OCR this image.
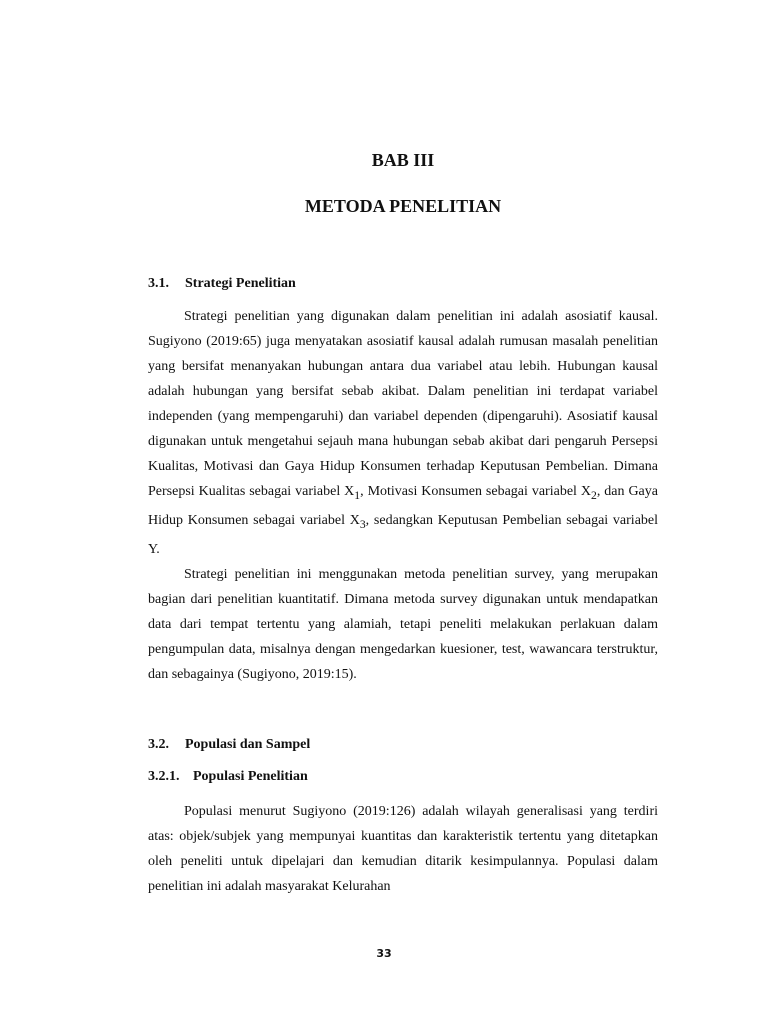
BAB III
METODA PENELITIAN
3.1. Strategi Penelitian

Strategi penelitian yang digunakan dalam penelitian ini adalah asosiatif kausal. Sugiyono (2019:65) juga menyatakan asosiatif kausal adalah rumusan masalah penelitian yang bersifat menanyakan hubungan antara dua variabel atau lebih. Hubungan kausal adalah hubungan yang bersifat sebab akibat. Dalam penelitian ini terdapat variabel independen (yang mempengaruhi) dan variabel dependen (dipengaruhi). Asosiatif kausal digunakan untuk mengetahui sejauh mana hubungan sebab akibat dari pengaruh Persepsi Kualitas, Motivasi dan Gaya Hidup Konsumen terhadap Keputusan Pembelian. Dimana Persepsi Kualitas sebagai variabel $X_1$, Motivasi Konsumen sebagai variabel $X_2$, dan Gaya Hidup Konsumen sebagai variabel $X_3$, sedangkan Keputusan Pembelian sebagai variabel Y.

Strategi penelitian ini menggunakan metoda penelitian survey, yang merupakan bagian dari penelitian kuantitatif. Dimana metoda survey digunakan untuk mendapatkan data dari tempat tertentu yang alamiah, tetapi peneliti melakukan perlakuan dalam pengumpulan data, misalnya dengan mengedarkan kuesioner, test, wawancara terstruktur, dan sebagainya (Sugiyono, 2019:15).

3.2. Populasi dan Sampel
3.2.1. Populasi Penelitian

Populasi menurut Sugiyono (2019:126) adalah wilayah generalisasi yang terdiri atas: objek/subjek yang mempunyai kuantitas dan karakteristik tertentu yang ditetapkan oleh peneliti untuk dipelajari dan kemudian ditarik kesimpulannya. Populasi dalam penelitian ini adalah masyarakat Kelurahan

33
